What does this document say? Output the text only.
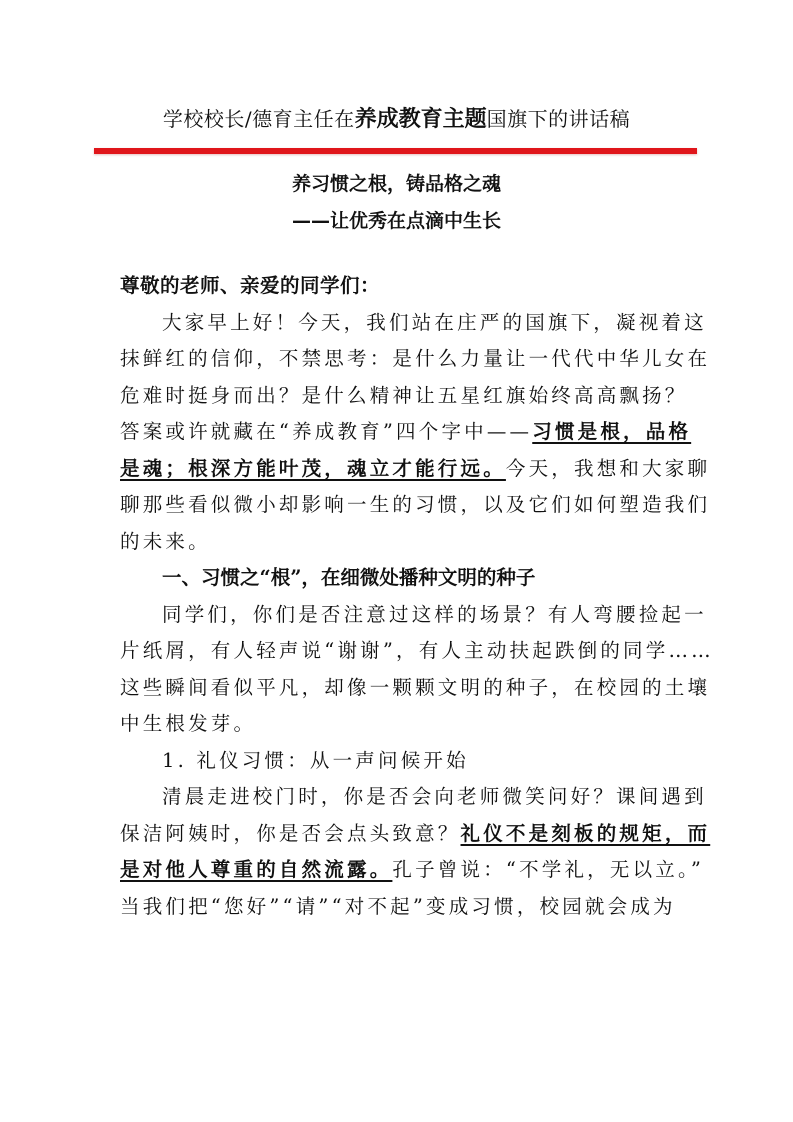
学校校长/德育主任在养成教育主题国旗下的讲话稿
养习惯之根，铸品格之魂
——让优秀在点滴中生长
尊敬的老师、亲爱的同学们：
大家早上好！今天，我们站在庄严的国旗下，凝视着这
抹鲜红的信仰，不禁思考：是什么力量让一代代中华儿女在
危难时挺身而出？是什么精神让五星红旗始终高高飘扬？
答案或许就藏在“养成教育”四个字中—— 习惯是根，品格
是魂；根深方能叶茂，魂立才能行远。 今天，我想和大家聊
聊那些看似微小却影响一生的习惯，以及它们如何塑造我们
的未来。
一、习惯之“根”，在细微处播种文明的种子
同学们，你们是否注意过这样的场景？有人弯腰捡起一
片纸屑，有人轻声说“谢谢”，有人主动扶起跌倒的同学……
这些瞬间看似平凡，却像一颗颗文明的种子，在校园的土壤
中生根发芽。
1. 礼仪习惯：从一声问候开始
清晨走进校门时，你是否会向老师微笑问好？课间遇到
保洁阿姨时，你是否会点头致意？ 礼仪不是刻板的规矩，而
是对他人尊重的自然流露。 孔子曾说：“不学礼，无以立。”
当我们把“您好”“请”“对不起”变成习惯，校园就会成为
